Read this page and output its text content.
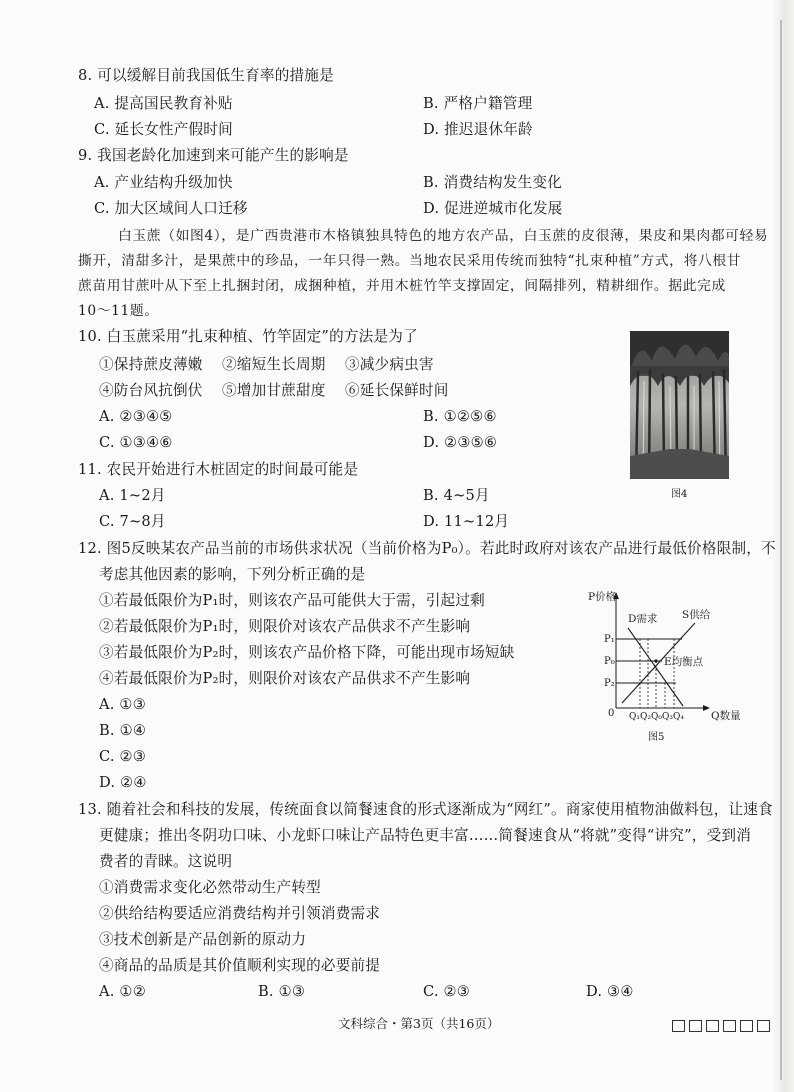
8. 可以缓解目前我国低生育率的措施是
A. 提高国民教育补贴	B. 严格户籍管理
C. 延长女性产假时间	D. 推迟退休年龄
9. 我国老龄化加速到来可能产生的影响是
A. 产业结构升级加快	B. 消费结构发生变化
C. 加大区域间人口迁移	D. 促进逆城市化发展
白玉蔗（如图4），是广西贵港市木格镇独具特色的地方农产品，白玉蔗的皮很薄，果皮和果肉都可轻易
撕开，清甜多汁，是果蔗中的珍品，一年只得一熟。当地农民采用传统而独特“扎束种植”方式，将八根甘
蔗苗用甘蔗叶从下至上扎捆封闭，成捆种植，并用木桩竹竿支撑固定，间隔排列，精耕细作。据此完成
10～11题。
10. 白玉蔗采用“扎束种植、竹竿固定”的方法是为了
①保持蔗皮薄嫩 ②缩短生长周期 ③减少病虫害
④防台风抗倒伏 ⑤增加甘蔗甜度 ⑥延长保鲜时间
A. ②③④⑤	B. ①②⑤⑥
C. ①③④⑥	D. ②③⑤⑥
图4
11. 农民开始进行木桩固定的时间最可能是
A. 1~2月	B. 4~5月
C. 7~8月	D. 11~12月
12. 图5反映某农产品当前的市场供求状况（当前价格为P₀）。若此时政府对该农产品进行最低价格限制，不
考虑其他因素的影响，下列分析正确的是
①若最低限价为P₁时，则该农产品可能供大于需，引起过剩
②若最低限价为P₁时，则限价对该农产品供求不产生影响
③若最低限价为P₂时，则该农产品价格下降，可能出现市场短缺
④若最低限价为P₂时，则限价对该农产品供求不产生影响
A. ①③
B. ①④
C. ②③
D. ②④
P价格
Q数量
0
D需求 S供给
P₁
P₀
P₂
E均衡点
Q₁Q₂Q₀Q₃Q₄
图5
13. 随着社会和科技的发展，传统面食以简餐速食的形式逐渐成为“网红”。商家使用植物油做料包，让速食
更健康；推出冬阴功口味、小龙虾口味让产品特色更丰富……简餐速食从“将就”变得“讲究”，受到消
费者的青睐。这说明
①消费需求变化必然带动生产转型
②供给结构要适应消费结构并引领消费需求
③技术创新是产品创新的原动力
④商品的品质是其价值顺利实现的必要前提
A. ①②	B. ①③	C. ②③	D. ③④
文科综合・第3页（共16页）
